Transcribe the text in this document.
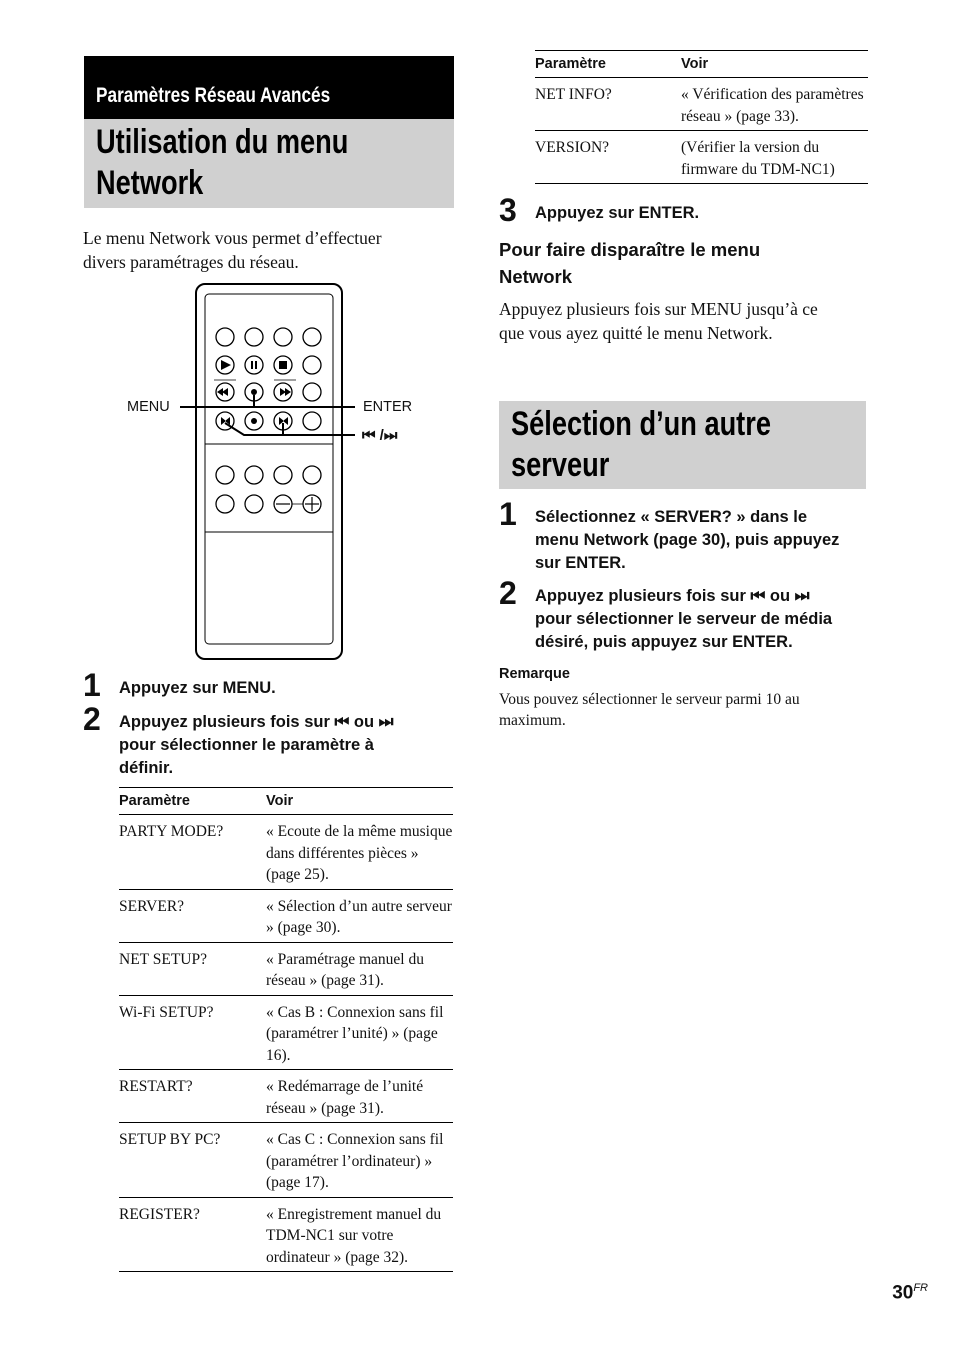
Paramètres Réseau Avancés
Utilisation du menu
Network
Le menu Network vous permet d’effectuer
divers paramétrages du réseau.
MENU	ENTER
⏮ /⏭
1 Appuyez sur MENU.
2 Appuyez plusieurs fois sur ⏮ ou ⏭
pour sélectionner le paramètre à
définir.
Paramètre	Voir
PARTY MODE?	« Ecoute de la même musique dans différentes pièces » (page 25).
SERVER?	« Sélection d’un autre serveur » (page 30).
NET SETUP?	« Paramétrage manuel du réseau » (page 31).
Wi-Fi SETUP?	« Cas B : Connexion sans fil (paramétrer l’unité) » (page 16).
RESTART?	« Redémarrage de l’unité réseau » (page 31).
SETUP BY PC?	« Cas C : Connexion sans fil (paramétrer l’ordinateur) » (page 17).
REGISTER?	« Enregistrement manuel du TDM-NC1 sur votre ordinateur » (page 32).
Paramètre	Voir
NET INFO?	« Vérification des paramètres réseau » (page 33).
VERSION?	(Vérifier la version du firmware du TDM-NC1)
3 Appuyez sur ENTER.
Pour faire disparaître le menu
Network
Appuyez plusieurs fois sur MENU jusqu’à ce
que vous ayez quitté le menu Network.
Sélection d’un autre
serveur
1 Sélectionnez « SERVER? » dans le
menu Network (page 30), puis appuyez
sur ENTER.
2 Appuyez plusieurs fois sur ⏮ ou ⏭
pour sélectionner le serveur de média
désiré, puis appuyez sur ENTER.
Remarque
Vous pouvez sélectionner le serveur parmi 10 au
maximum.
$30^{FR}$
